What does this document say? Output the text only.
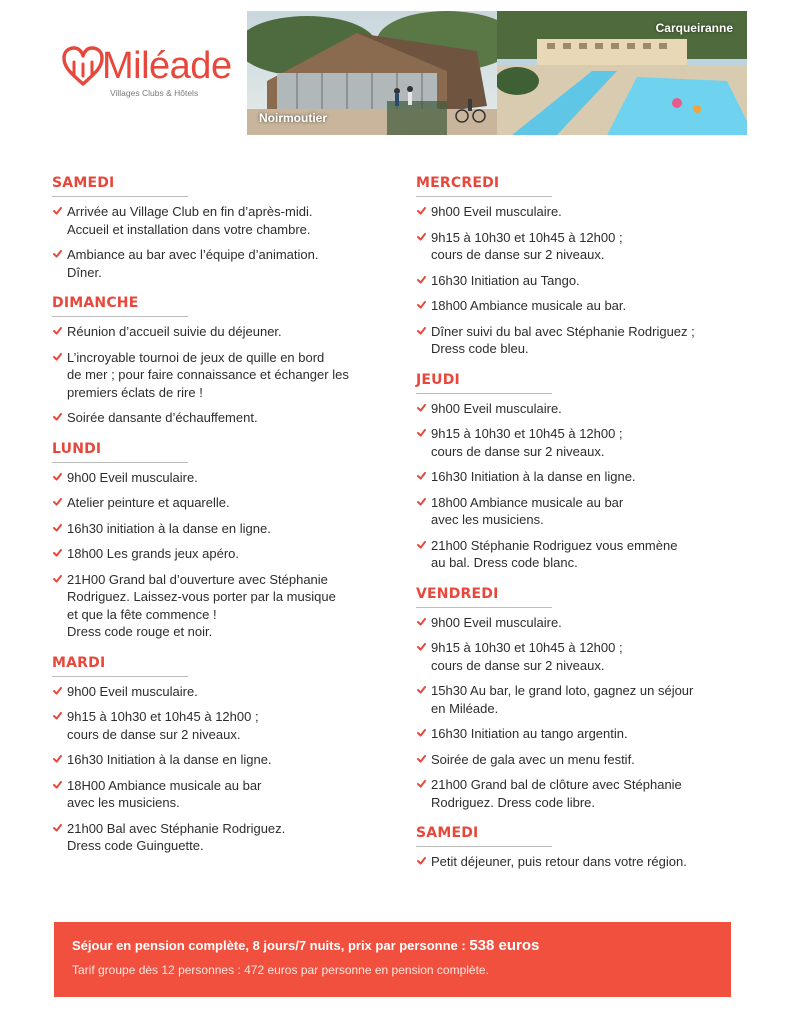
Miléade
Villages Clubs & Hôtels
Noirmoutier
Carqueiranne
SAMEDI
Arrivée au Village Club en fin d’après-midi.
Accueil et installation dans votre chambre.
Ambiance au bar avec l’équipe d’animation.
Dîner.
DIMANCHE
Réunion d’accueil suivie du déjeuner.
L’incroyable tournoi de jeux de quille en bord
de mer ; pour faire connaissance et échanger les
premiers éclats de rire !
Soirée dansante d’échauffement.
LUNDI
9h00 Eveil musculaire.
Atelier peinture et aquarelle.
16h30 initiation à la danse en ligne.
18h00 Les grands jeux apéro.
21H00 Grand bal d’ouverture avec Stéphanie
Rodriguez. Laissez-vous porter par la musique
et que la fête commence !
Dress code rouge et noir.
MARDI
9h00 Eveil musculaire.
9h15 à 10h30 et 10h45 à 12h00 ;
cours de danse sur 2 niveaux.
16h30 Initiation à la danse en ligne.
18H00 Ambiance musicale au bar
avec les musiciens.
21h00 Bal avec Stéphanie Rodriguez.
Dress code Guinguette.
MERCREDI
9h00 Eveil musculaire.
9h15 à 10h30 et 10h45 à 12h00 ;
cours de danse sur 2 niveaux.
16h30 Initiation au Tango.
18h00 Ambiance musicale au bar.
Dîner suivi du bal avec Stéphanie Rodriguez ;
Dress code bleu.
JEUDI
9h00 Eveil musculaire.
9h15 à 10h30 et 10h45 à 12h00 ;
cours de danse sur 2 niveaux.
16h30 Initiation à la danse en ligne.
18h00 Ambiance musicale au bar
avec les musiciens.
21h00 Stéphanie Rodriguez vous emmène
au bal. Dress code blanc.
VENDREDI
9h00 Eveil musculaire.
9h15 à 10h30 et 10h45 à 12h00 ;
cours de danse sur 2 niveaux.
15h30 Au bar, le grand loto, gagnez un séjour
en Miléade.
16h30 Initiation au tango argentin.
Soirée de gala avec un menu festif.
21h00 Grand bal de clôture avec Stéphanie
Rodriguez. Dress code libre.
SAMEDI
Petit déjeuner, puis retour dans votre région.
Séjour en pension complète, 8 jours/7 nuits, prix par personne : 538 euros
Tarif groupe dès 12 personnes : 472 euros par personne en pension complète.
